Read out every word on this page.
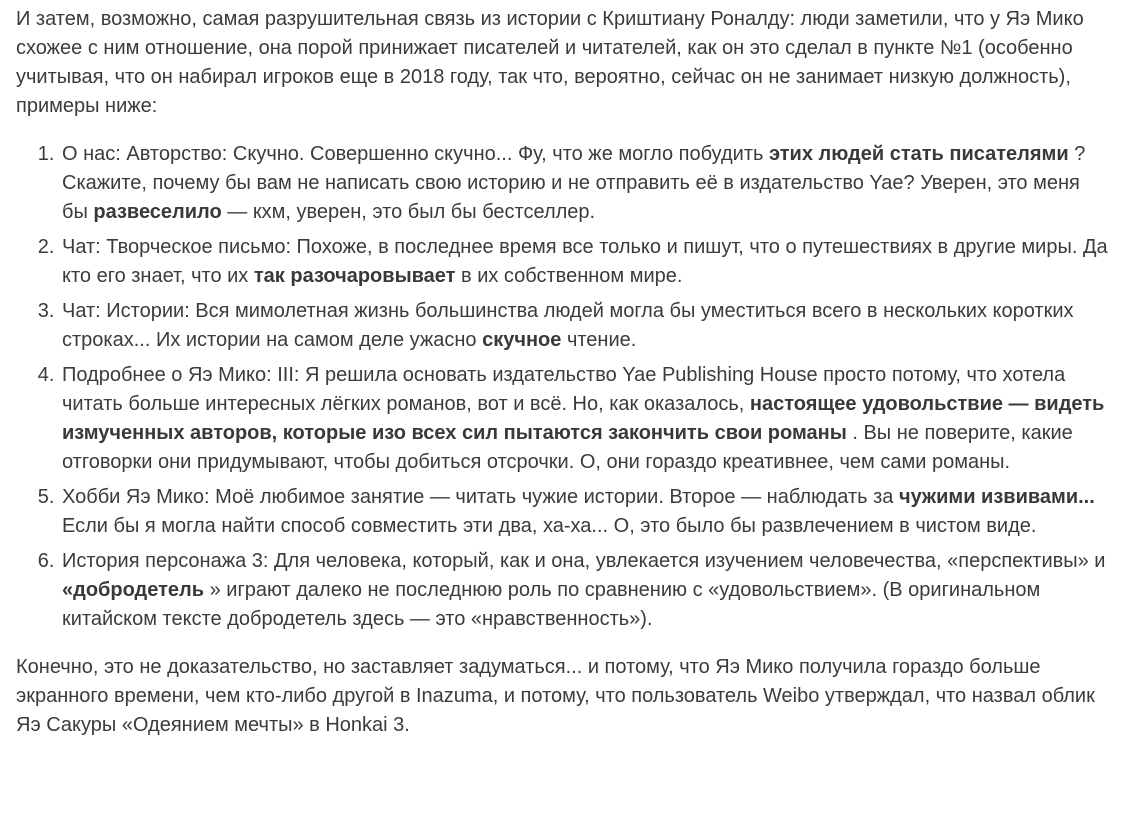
И затем, возможно, самая разрушительная связь из истории с Криштиану Роналду: люди заметили, что у Яэ Мико схожее с ним отношение, она порой принижает писателей и читателей, как он это сделал в пункте №1 (особенно учитывая, что он набирал игроков еще в 2018 году, так что, вероятно, сейчас он не занимает низкую должность), примеры ниже:

1. О нас: Авторство: Скучно. Совершенно скучно... Фу, что же могло побудить этих людей стать писателями ? Скажите, почему бы вам не написать свою историю и не отправить её в издательство Yae? Уверен, это меня бы развеселило — кхм, уверен, это был бы бестселлер.
2. Чат: Творческое письмо: Похоже, в последнее время все только и пишут, что о путешествиях в другие миры. Да кто его знает, что их так разочаровывает в их собственном мире.
3. Чат: Истории: Вся мимолетная жизнь большинства людей могла бы уместиться всего в нескольких коротких строках... Их истории на самом деле ужасно скучное чтение.
4. Подробнее о Яэ Мико: III: Я решила основать издательство Yae Publishing House просто потому, что хотела читать больше интересных лёгких романов, вот и всё. Но, как оказалось, настоящее удовольствие — видеть измученных авторов, которые изо всех сил пытаются закончить свои романы . Вы не поверите, какие отговорки они придумывают, чтобы добиться отсрочки. О, они гораздо креативнее, чем сами романы.
5. Хобби Яэ Мико: Моё любимое занятие — читать чужие истории. Второе — наблюдать за чужими извивами... Если бы я могла найти способ совместить эти два, ха-ха... О, это было бы развлечением в чистом виде.
6. История персонажа 3: Для человека, который, как и она, увлекается изучением человечества, «перспективы» и «добродетель » играют далеко не последнюю роль по сравнению с «удовольствием». (В оригинальном китайском тексте добродетель здесь — это «нравственность»).

Конечно, это не доказательство, но заставляет задуматься... и потому, что Яэ Мико получила гораздо больше экранного времени, чем кто-либо другой в Inazuma, и потому, что пользователь Weibo утверждал, что назвал облик Яэ Сакуры «Одеянием мечты» в Honkai 3.
